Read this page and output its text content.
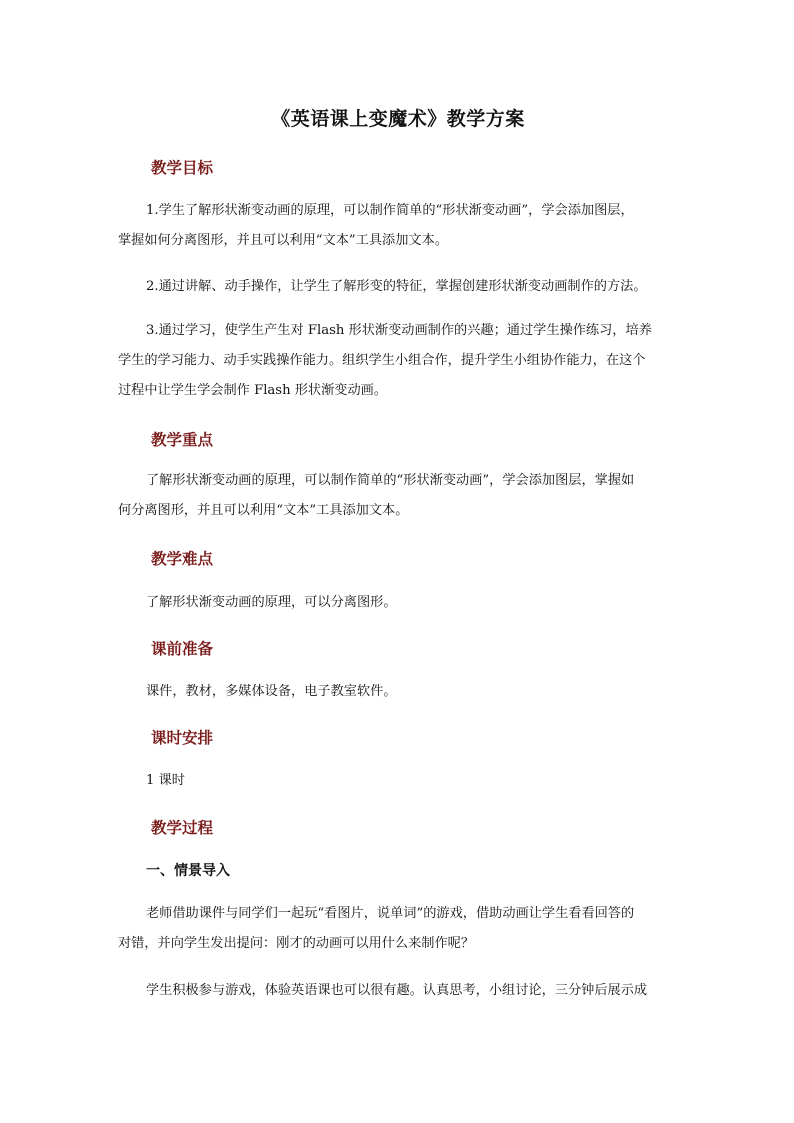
《英语课上变魔术》教学方案
教学目标
1.学生了解形状渐变动画的原理，可以制作简单的“形状渐变动画”，学会添加图层，
掌握如何分离图形，并且可以利用“文本”工具添加文本。
2.通过讲解、动手操作，让学生了解形变的特征，掌握创建形状渐变动画制作的方法。
3.通过学习，使学生产生对 Flash 形状渐变动画制作的兴趣；通过学生操作练习，培养
学生的学习能力、动手实践操作能力。组织学生小组合作，提升学生小组协作能力，在这个
过程中让学生学会制作 Flash 形状渐变动画。
教学重点
了解形状渐变动画的原理，可以制作简单的“形状渐变动画”，学会添加图层，掌握如
何分离图形，并且可以利用“文本”工具添加文本。
教学难点
了解形状渐变动画的原理，可以分离图形。
课前准备
课件，教材，多媒体设备，电子教室软件。
课时安排
1 课时
教学过程
一、情景导入
老师借助课件与同学们一起玩“看图片，说单词”的游戏，借助动画让学生看看回答的
对错，并向学生发出提问：刚才的动画可以用什么来制作呢？
学生积极参与游戏，体验英语课也可以很有趣。认真思考，小组讨论，三分钟后展示成
